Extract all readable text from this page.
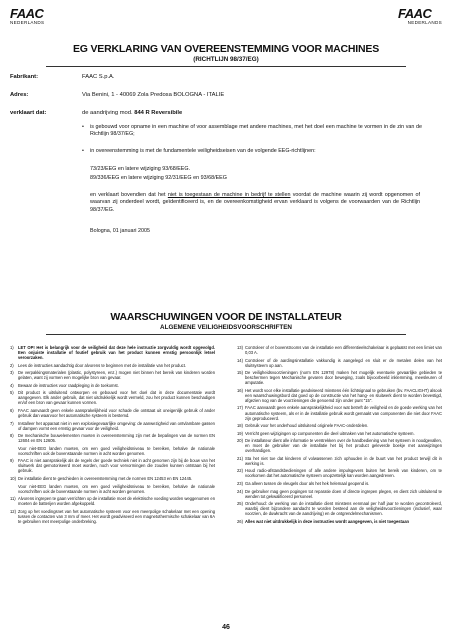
FAAC
NEDERLANDS
FAAC
NEDERLANDS
EG VERKLARING VAN OVEREENSTEMMING VOOR MACHINES
(RICHTLIJN 98/37/EG)
Fabrikant:	FAAC S.p.A.
Adres:	Via Benini, 1 - 40069 Zola Predosa BOLOGNA - ITALIE
verklaart dat:	de aandrijving mod. 844 R Reversibile
•	is gebouwd voor opname in een machine of voor assemblage met andere machines, met het doel een machine te vormen in de zin van de Richtlijn 98/37/EG;
•	in overeenstemming is met de fundamentele veiligheidseisen van de volgende EEG-richtlijnen:
73/23/EEG en latere wijziging 93/68/EEG.
89/336/EEG en latere wijziging 92/31/EEG en 93/68/EEG
en verklaart bovendien dat het niet is toegestaan de machine in bedrijf te stellen voordat de machine waarin zij wordt opgenomen of waarvan zij onderdeel wordt, geïdentificeerd is, en de overeenkomstigheid ervan verklaard is volgens de voorwaarden van de Richtlijn 98/37/EG.
Bologna, 01 januari 2005
WAARSCHUWINGEN VOOR DE INSTALLATEUR
ALGEMENE VEILIGHEIDSVOORSCHRIFTEN
1) LET OP! Het is belangrijk voor de veiligheid dat deze hele instructie zorgvuldig wordt opgevolgd. Een onjuiste installatie of foutief gebruik van het product kunnen ernstig persoonlijk letsel veroorzaken.
2) Lees de instructies aandachtig door alvorens te beginnen met de installatie van het product.
3) De verpakkingsmaterialen (plastic, polystyreen, enz.) mogen niet binnen het bereik van kinderen worden gelaten, want zij vormen een mogelijke bron van gevaar.
4) Bewaar de instructies voor raadpleging in de toekomst.
5) Dit product is uitsluitend ontworpen en gebouwd voor het doel dat in deze documentatie wordt aangegeven. Elk ander gebruik, dat niet uitdrukkelijk wordt vermeld, zou het product kunnen beschadigen en/of een bron van gevaar kunnen vormen.
6) FAAC aanvaardt geen enkele aansprakelijkheid voor schade die ontstaat uit oneigenlijk gebruik of ander gebruik dan waarvoor het automatische systeem is bestemd.
7) Installeer het apparaat niet in een explosiegevaarlijke omgeving: de aanwezigheid van ontvlambare gassen of dampen vormt een ernstig gevaar voor de veiligheid.
8) De mechanische bouwelementen moeten in overeenstemming zijn met de bepalingen van de normen EN 12604 en EN 12605.
Voor niet-EEG landen moeten, om een goed veiligheidsniveau te bereiken, behalve de nationale voorschriften ook de bovenstaande normen in acht worden genomen.
9) FAAC is niet aansprakelijk als de regels der goede techniek niet in acht genomen zijn bij de bouw van het sluitwerk dat gemotoriseerd moet worden, noch voor vervormingen die zouden kunnen ontstaan bij het gebruik.
10) De installatie dient te geschieden in overeenstemming met de normen EN 12453 en EN 12445.
Voor niet-EEG landen moeten, om een goed veiligheidsniveau te bereiken, behalve de nationale voorschriften ook de bovenstaande normen in acht worden genomen.
11) Alvorens ingrepen te gaan verrichten op de installatie moet de elektrische voeding worden weggenomen en moeten de batterijen worden afgekoppeld.
12) Zorg op het voedingsnet van het automatische systeem voor een meerpolige schakelaar met een opening tussen de contacten van 3 mm of meer. Het wordt geadviseerd een magnetothermische schakelaar van 6A te gebruiken met meerpolige onderbreking.
13) Controleer of er bovenstrooms van de installatie een differentieelschakelaar is geplaatst met een limiet van 0,03 A.
14) Controleer of de aardingsinstallatie vakkundig is aangelegd en sluit er de metalen delen van het sluitsysteem op aan.
15) De veiligheidsvoorzieningen (norm EN 12978) maken het mogelijk eventuele gevaarlijke gebieden te beschermen tegen Mechanische gevaren door beweging, zoals bijvoorbeeld inklemming, meesleuren of amputatie.
16) Het wordt voor elke installatie geadviseerd minstens één lichtsignaal te gebruiken (bv. FAACLIGHT) alsook een waarschuwingsbord dat goed op de constructie van het hang- en sluitwerk dient te worden bevestigd, afgezien nog van de voorzieningen die genoemd zijn onder punt "15".
17) FAAC aanvaardt geen enkele aansprakelijkheid voor wat betreft de veiligheid en de goede werking van het automatische systeem, als er in de installatie gebruik wordt gemaakt van componenten die niet door FAAC zijn geproduceerd.
18) Gebruik voor het onderhoud uitsluitend originele FAAC-onderdelen.
19) Verricht geen wijzigingen op componenten die deel uitmaken van het automatische systeem.
20) De installateur dient alle informatie te verstrekken over de handbediening van het systeem in noodgevallen, en moet de gebruiker van de installatie het bij het product geleverde boekje met aanwijzingen overhandigen.
21) Sta het niet toe dat kinderen of volwassenen zich ophouden in de buurt van het product terwijl dit in werking is.
22) Houd radio-afstandsbedieningen of alle andere impulsgevers buiten het bereik van kinderen, om te voorkomen dat het automatische systeem onopzettelijk kan worden aangedreven.
23) Ga alleen tussen de vleugels door als het hek helemaal geopend is.
24) De gebruiker mag geen pogingen tot reparatie doen of directe ingrepen plegen, en dient zich uitsluitend te wenden tot gekwalificeerd personeel.
25) Onderhoud: de werking van de installatie dient minstens eenmaal per half jaar te worden gecontroleerd, waarbij dient bijzondere aandacht te worden besteed aan de veiligheidsvoorzieningen (inclusief, waar voorzien, de duwkracht van de aandrijving) en de ontgrendelmechanismen.
26) Alles wat niet uitdrukkelijk in deze instructies wordt aangegeven, is niet toegestaan
46
